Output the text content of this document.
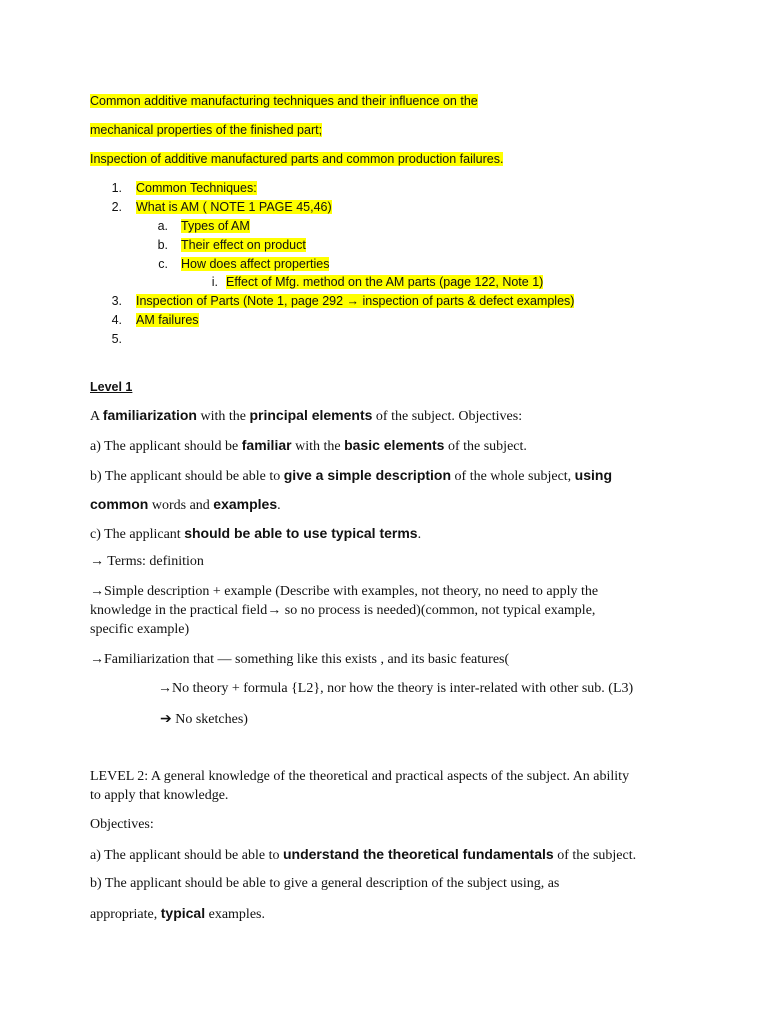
Common additive manufacturing techniques and their influence on the
mechanical properties of the finished part;
Inspection of additive manufactured parts and common production failures.
1. Common Techniques:
2. What is AM ( NOTE 1 PAGE 45,46)
a. Types of AM
b. Their effect on product
c. How does affect properties
i. Effect of Mfg. method on the AM parts (page 122, Note 1)
3. Inspection of Parts (Note 1, page 292 → inspection of parts & defect examples)
4. AM failures
5.
Level 1
A familiarization with the principal elements of the subject. Objectives:
a) The applicant should be familiar with the basic elements of the subject.
b) The applicant should be able to give a simple description of the whole subject, using
common words and examples.
c) The applicant should be able to use typical terms.
→ Terms: definition
→Simple description + example (Describe with examples, not theory, no need to apply the
knowledge in the practical field→ so no process is needed)(common, not typical example,
specific example)
→Familiarization that — something like this exists , and its basic features(
→No theory + formula {L2}, nor how the theory is inter-related with other sub. (L3)
➔ No sketches)
LEVEL 2: A general knowledge of the theoretical and practical aspects of the subject. An ability
to apply that knowledge.
Objectives:
a) The applicant should be able to understand the theoretical fundamentals of the subject.
b) The applicant should be able to give a general description of the subject using, as
appropriate, typical examples.
